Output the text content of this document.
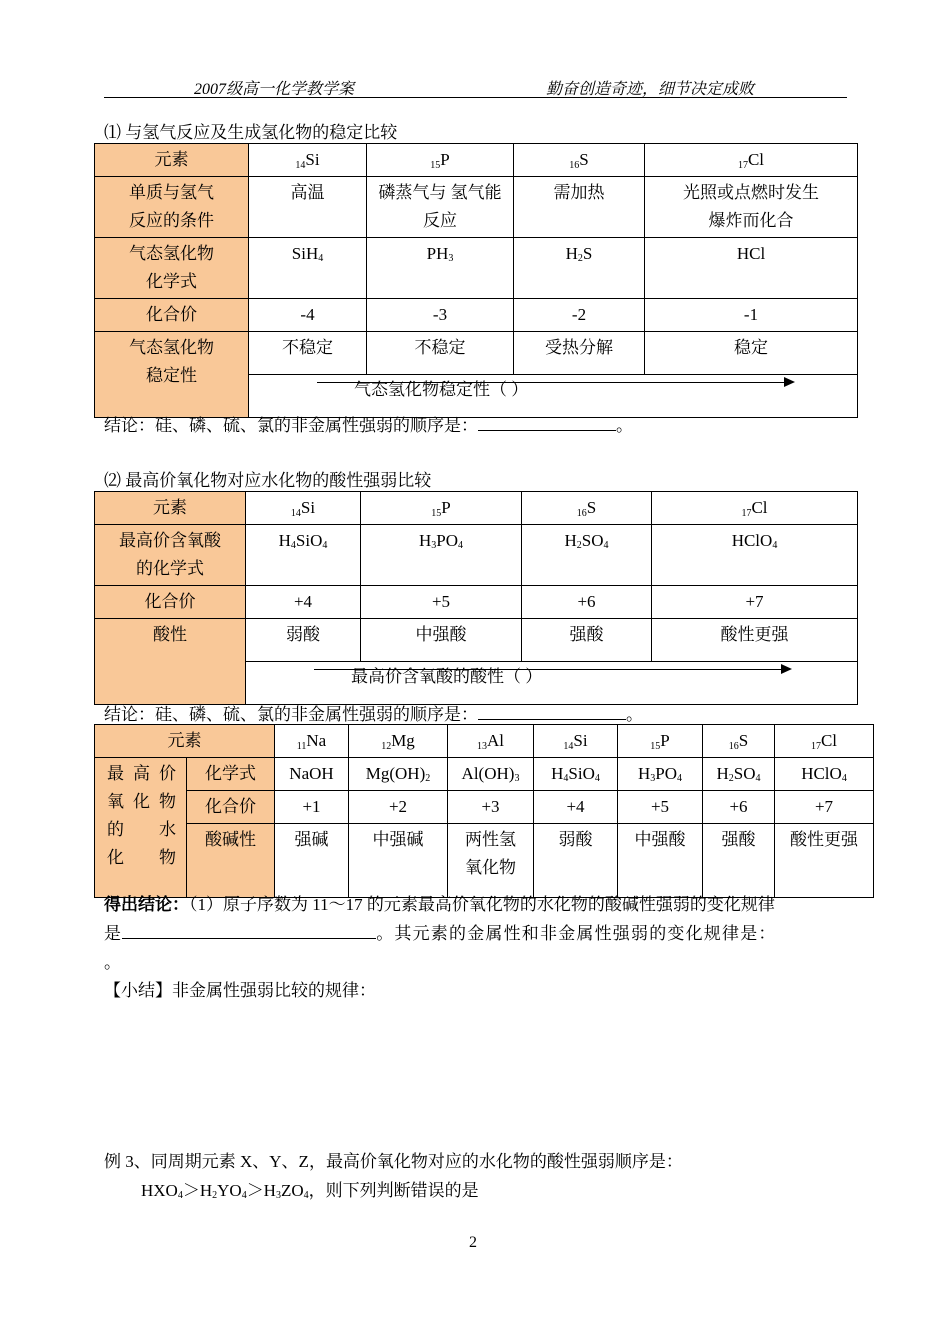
2007级高一化学教学案	勤奋创造奇迹，细节决定成败
⑴ 与氢气反应及生成氢化物的稳定比较
元素	$_{14}$Si	$_{15}$P	$_{16}$S	$_{17}$Cl
单质与氢气反应的条件	高温	磷蒸气与 氢气能反应	需加热	光照或点燃时发生爆炸而化合
气态氢化物化学式	SiH4	PH3	H2S	HCl
化合价	-4	-3	-2	-1
气态氢化物稳定性	不稳定	不稳定	受热分解	稳定

	气态氢化物稳定性（ ）			
结论：硅、磷、硫、氯的非金属性强弱的顺序是：	。
⑵ 最高价氧化物对应水化物的酸性强弱比较
元素	$_{14}$Si	$_{15}$P	$_{16}$S	$_{17}$Cl
最高价含氧酸的化学式	H4SiO4	H3PO4	H2SO4	HClO4
化合价	+4	+5	+6	+7
酸性	弱酸	中强酸	强酸	酸性更强

	最高价含氧酸的酸性（ ）			
结论：硅、磷、硫、氯的非金属性强弱的顺序是：	。
元素		$_{11}$Na	$_{12}$Mg	$_{13}$Al	$_{14}$Si	$_{15}$P	$_{16}$S	$_{17}$Cl

最高价
氧化物
的 水
化物	化学式	NaOH	Mg(OH)2	Al(OH)3	H4SiO4	H3PO4	H2SO4	HClO4
	化合价	+1	+2	+3	+4	+5	+6	+7
	酸碱性	强碱	中强碱	两性氢氧化物	弱酸	中强酸	强酸	酸性更强
得出结论：（1）原子序数为 11～17 的元素最高价氧化物的水化物的酸碱性强弱的变化规律
是	。其元素的金属性和非金属性强弱的变化规律是：
。
【小结】非金属性强弱比较的规律：
例 3、同周期元素 X、Y、Z，最高价氧化物对应的水化物的酸性强弱顺序是：
HXO4＞H2YO4＞H3ZO4，则下列判断错误的是
2
